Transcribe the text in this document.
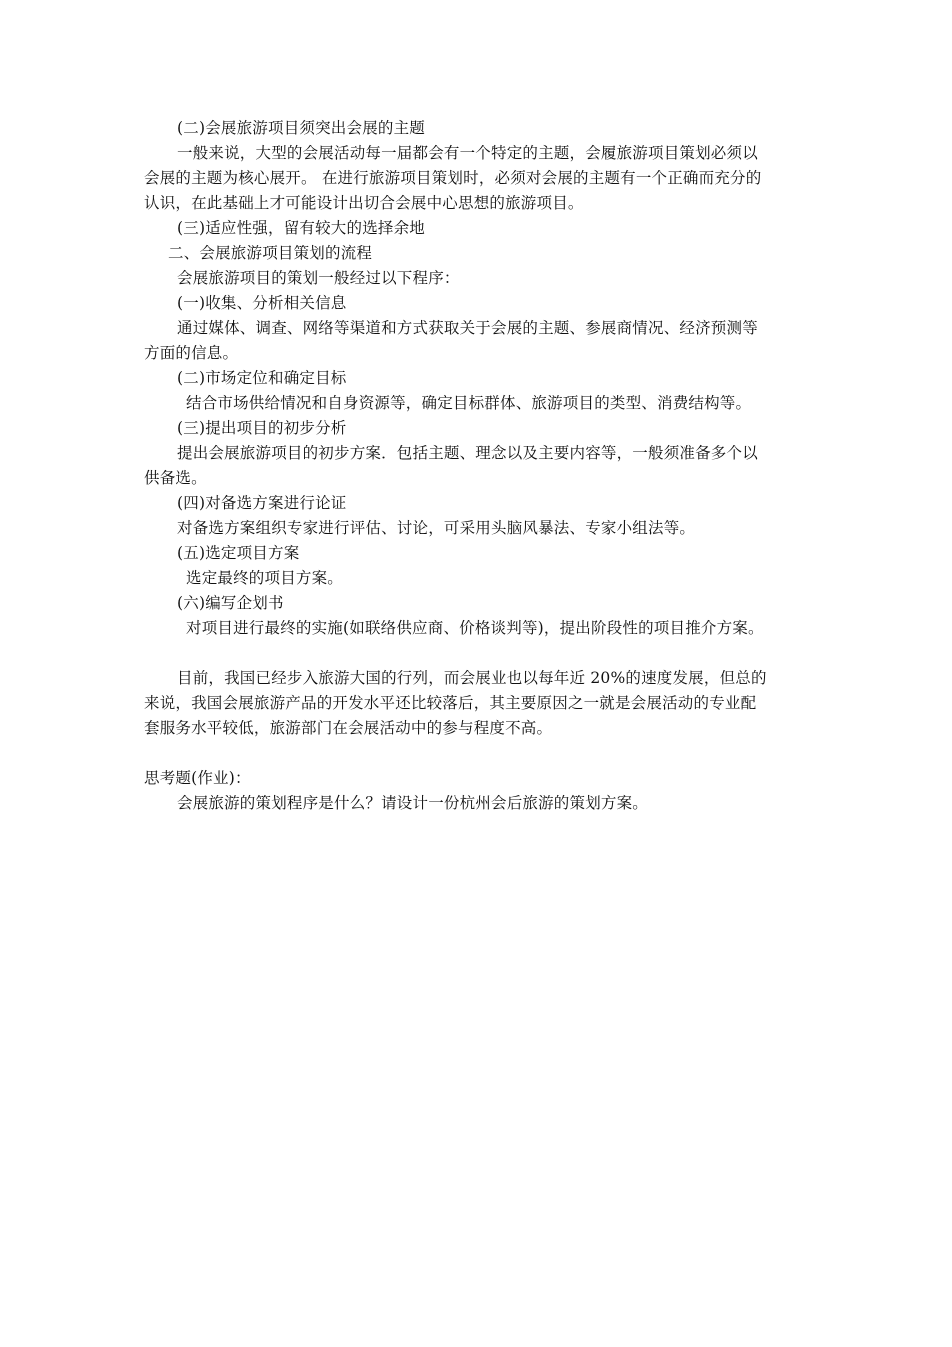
(二)会展旅游项目须突出会展的主题
一般来说，大型的会展活动每一届都会有一个特定的主题，会履旅游项目策划必须以
会展的主题为核心展开。 在进行旅游项目策划时，必须对会展的主题有一个正确而充分的
认识，在此基础上才可能设计出切合会展中心思想的旅游项目。
(三)适应性强，留有较大的选择余地
二、会展旅游项目策划的流程
会展旅游项目的策划一般经过以下程序：
(一)收集、分析相关信息
通过媒体、调查、网络等渠道和方式获取关于会展的主题、参展商情况、经济预测等
方面的信息。
(二)市场定位和确定目标
结合市场供给情况和自身资源等，确定目标群体、旅游项目的类型、消费结构等。
(三)提出项目的初步分析
提出会展旅游项目的初步方案．包括主题、理念以及主要内容等，一般须准备多个以
供备选。
(四)对备选方案进行论证
对备选方案组织专家进行评估、讨论，可采用头脑风暴法、专家小组法等。
(五)选定项目方案
选定最终的项目方案。
(六)编写企划书
对项目进行最终的实施(如联络供应商、价格谈判等)，提出阶段性的项目推介方案。
目前，我国已经步入旅游大国的行列，而会展业也以每年近 20%的速度发展，但总的
来说，我国会展旅游产品的开发水平还比较落后，其主要原因之一就是会展活动的专业配
套服务水平较低，旅游部门在会展活动中的参与程度不高。
思考题(作业)：
会展旅游的策划程序是什么？请设计一份杭州会后旅游的策划方案。
